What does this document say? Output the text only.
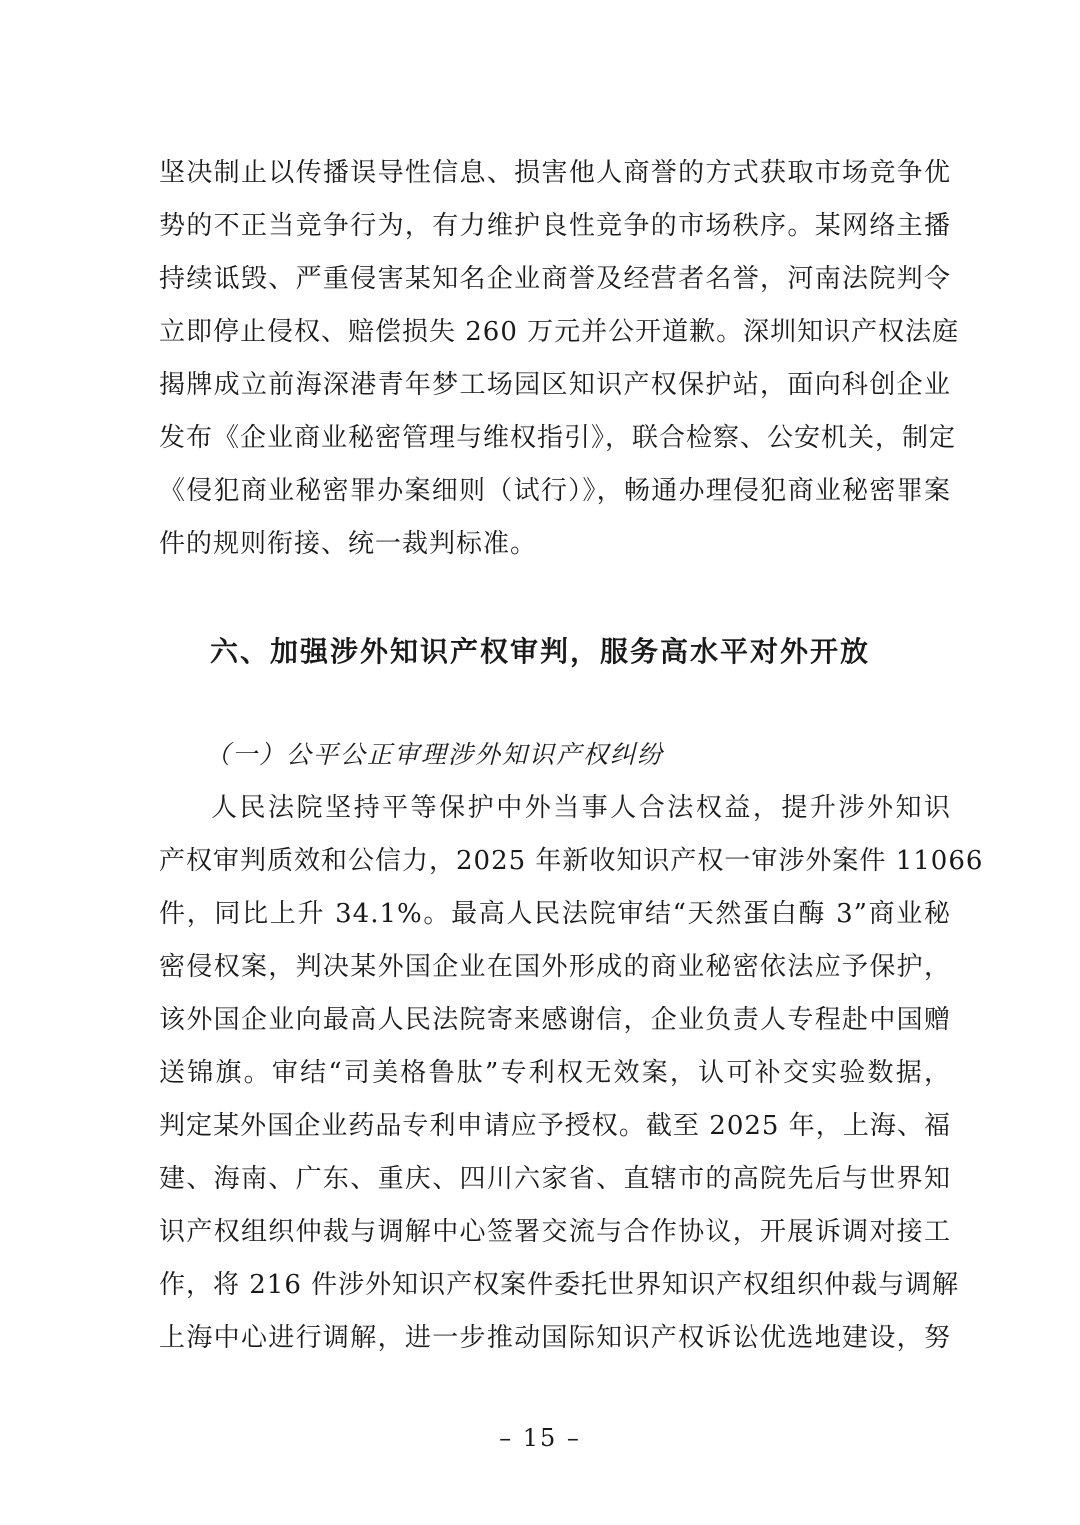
坚决制止以传播误导性信息、损害他人商誉的方式获取市场竞争优
势的不正当竞争行为，有力维护良性竞争的市场秩序。某网络主播
持续诋毁、严重侵害某知名企业商誉及经营者名誉，河南法院判令
立即停止侵权、赔偿损失 260 万元并公开道歉。深圳知识产权法庭
揭牌成立前海深港青年梦工场园区知识产权保护站，面向科创企业
发布《企业商业秘密管理与维权指引》，联合检察、公安机关，制定
《侵犯商业秘密罪办案细则（试行）》，畅通办理侵犯商业秘密罪案
件的规则衔接、统一裁判标准。
六、加强涉外知识产权审判，服务高水平对外开放
（一）公平公正审理涉外知识产权纠纷
人民法院坚持平等保护中外当事人合法权益，提升涉外知识
产权审判质效和公信力，2025 年新收知识产权一审涉外案件 11066
件，同比上升 34.1%。最高人民法院审结“天然蛋白酶 3”商业秘
密侵权案，判决某外国企业在国外形成的商业秘密依法应予保护，
该外国企业向最高人民法院寄来感谢信，企业负责人专程赴中国赠
送锦旗。审结“司美格鲁肽”专利权无效案，认可补交实验数据，
判定某外国企业药品专利申请应予授权。截至 2025 年，上海、福
建、海南、广东、重庆、四川六家省、直辖市的高院先后与世界知
识产权组织仲裁与调解中心签署交流与合作协议，开展诉调对接工
作，将 216 件涉外知识产权案件委托世界知识产权组织仲裁与调解
上海中心进行调解，进一步推动国际知识产权诉讼优选地建设，努
– 15 –
